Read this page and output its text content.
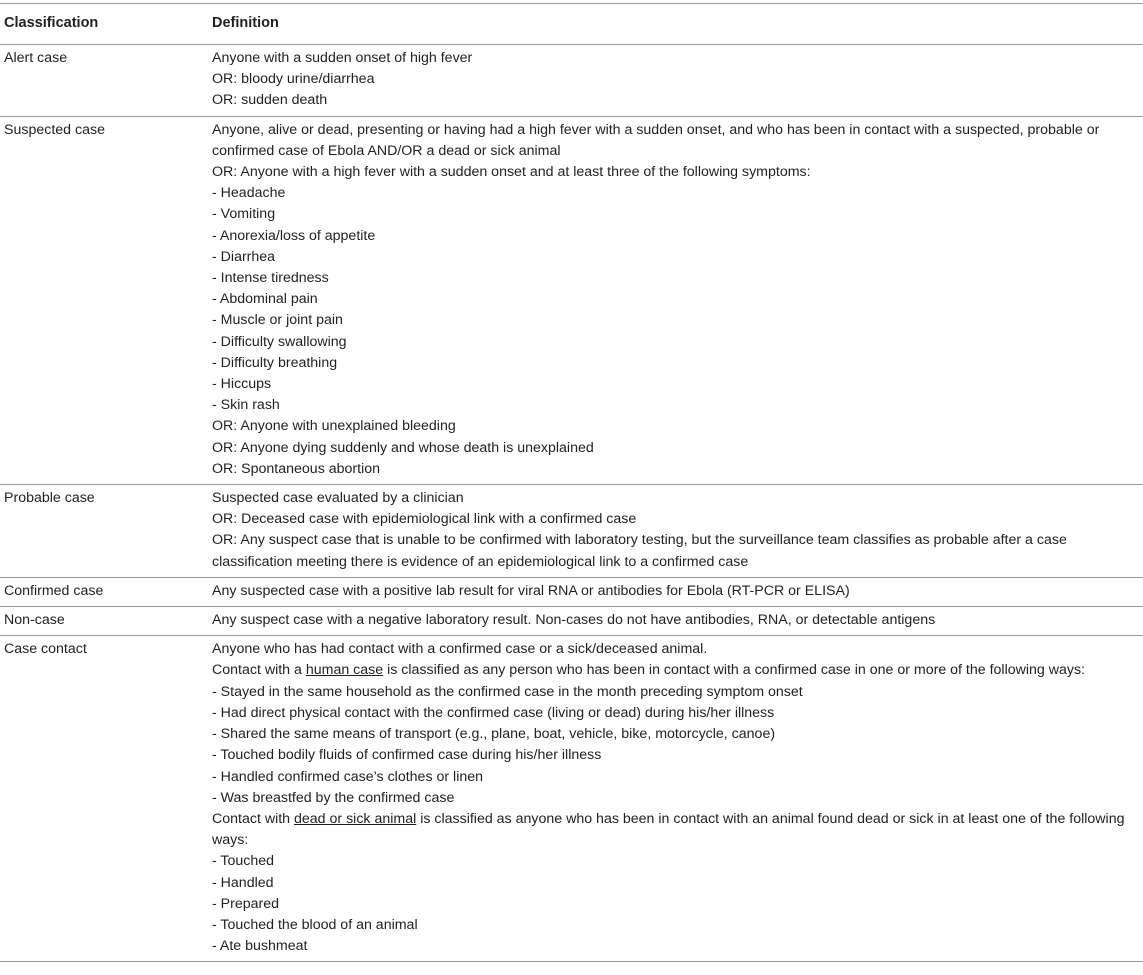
Classification	Definition
Alert case	Anyone with a sudden onset of high fever
OR: bloody urine/diarrhea
OR: sudden death
Suspected case	Anyone, alive or dead, presenting or having had a high fever with a sudden onset, and who has been in contact with a suspected, probable or confirmed case of Ebola AND/OR a dead or sick animal
OR: Anyone with a high fever with a sudden onset and at least three of the following symptoms:
- Headache
- Vomiting
- Anorexia/loss of appetite
- Diarrhea
- Intense tiredness
- Abdominal pain
- Muscle or joint pain
- Difficulty swallowing
- Difficulty breathing
- Hiccups
- Skin rash
OR: Anyone with unexplained bleeding
OR: Anyone dying suddenly and whose death is unexplained
OR: Spontaneous abortion
Probable case	Suspected case evaluated by a clinician
OR: Deceased case with epidemiological link with a confirmed case
OR: Any suspect case that is unable to be confirmed with laboratory testing, but the surveillance team classifies as probable after a case classification meeting there is evidence of an epidemiological link to a confirmed case
Confirmed case	Any suspected case with a positive lab result for viral RNA or antibodies for Ebola (RT-PCR or ELISA)
Non-case	Any suspect case with a negative laboratory result. Non-cases do not have antibodies, RNA, or detectable antigens
Case contact	Anyone who has had contact with a confirmed case or a sick/deceased animal.
Contact with a human case is classified as any person who has been in contact with a confirmed case in one or more of the following ways:
- Stayed in the same household as the confirmed case in the month preceding symptom onset
- Had direct physical contact with the confirmed case (living or dead) during his/her illness
- Shared the same means of transport (e.g., plane, boat, vehicle, bike, motorcycle, canoe)
- Touched bodily fluids of confirmed case during his/her illness
- Handled confirmed case’s clothes or linen
- Was breastfed by the confirmed case
Contact with dead or sick animal is classified as anyone who has been in contact with an animal found dead or sick in at least one of the following ways:
- Touched
- Handled
- Prepared
- Touched the blood of an animal
- Ate bushmeat
